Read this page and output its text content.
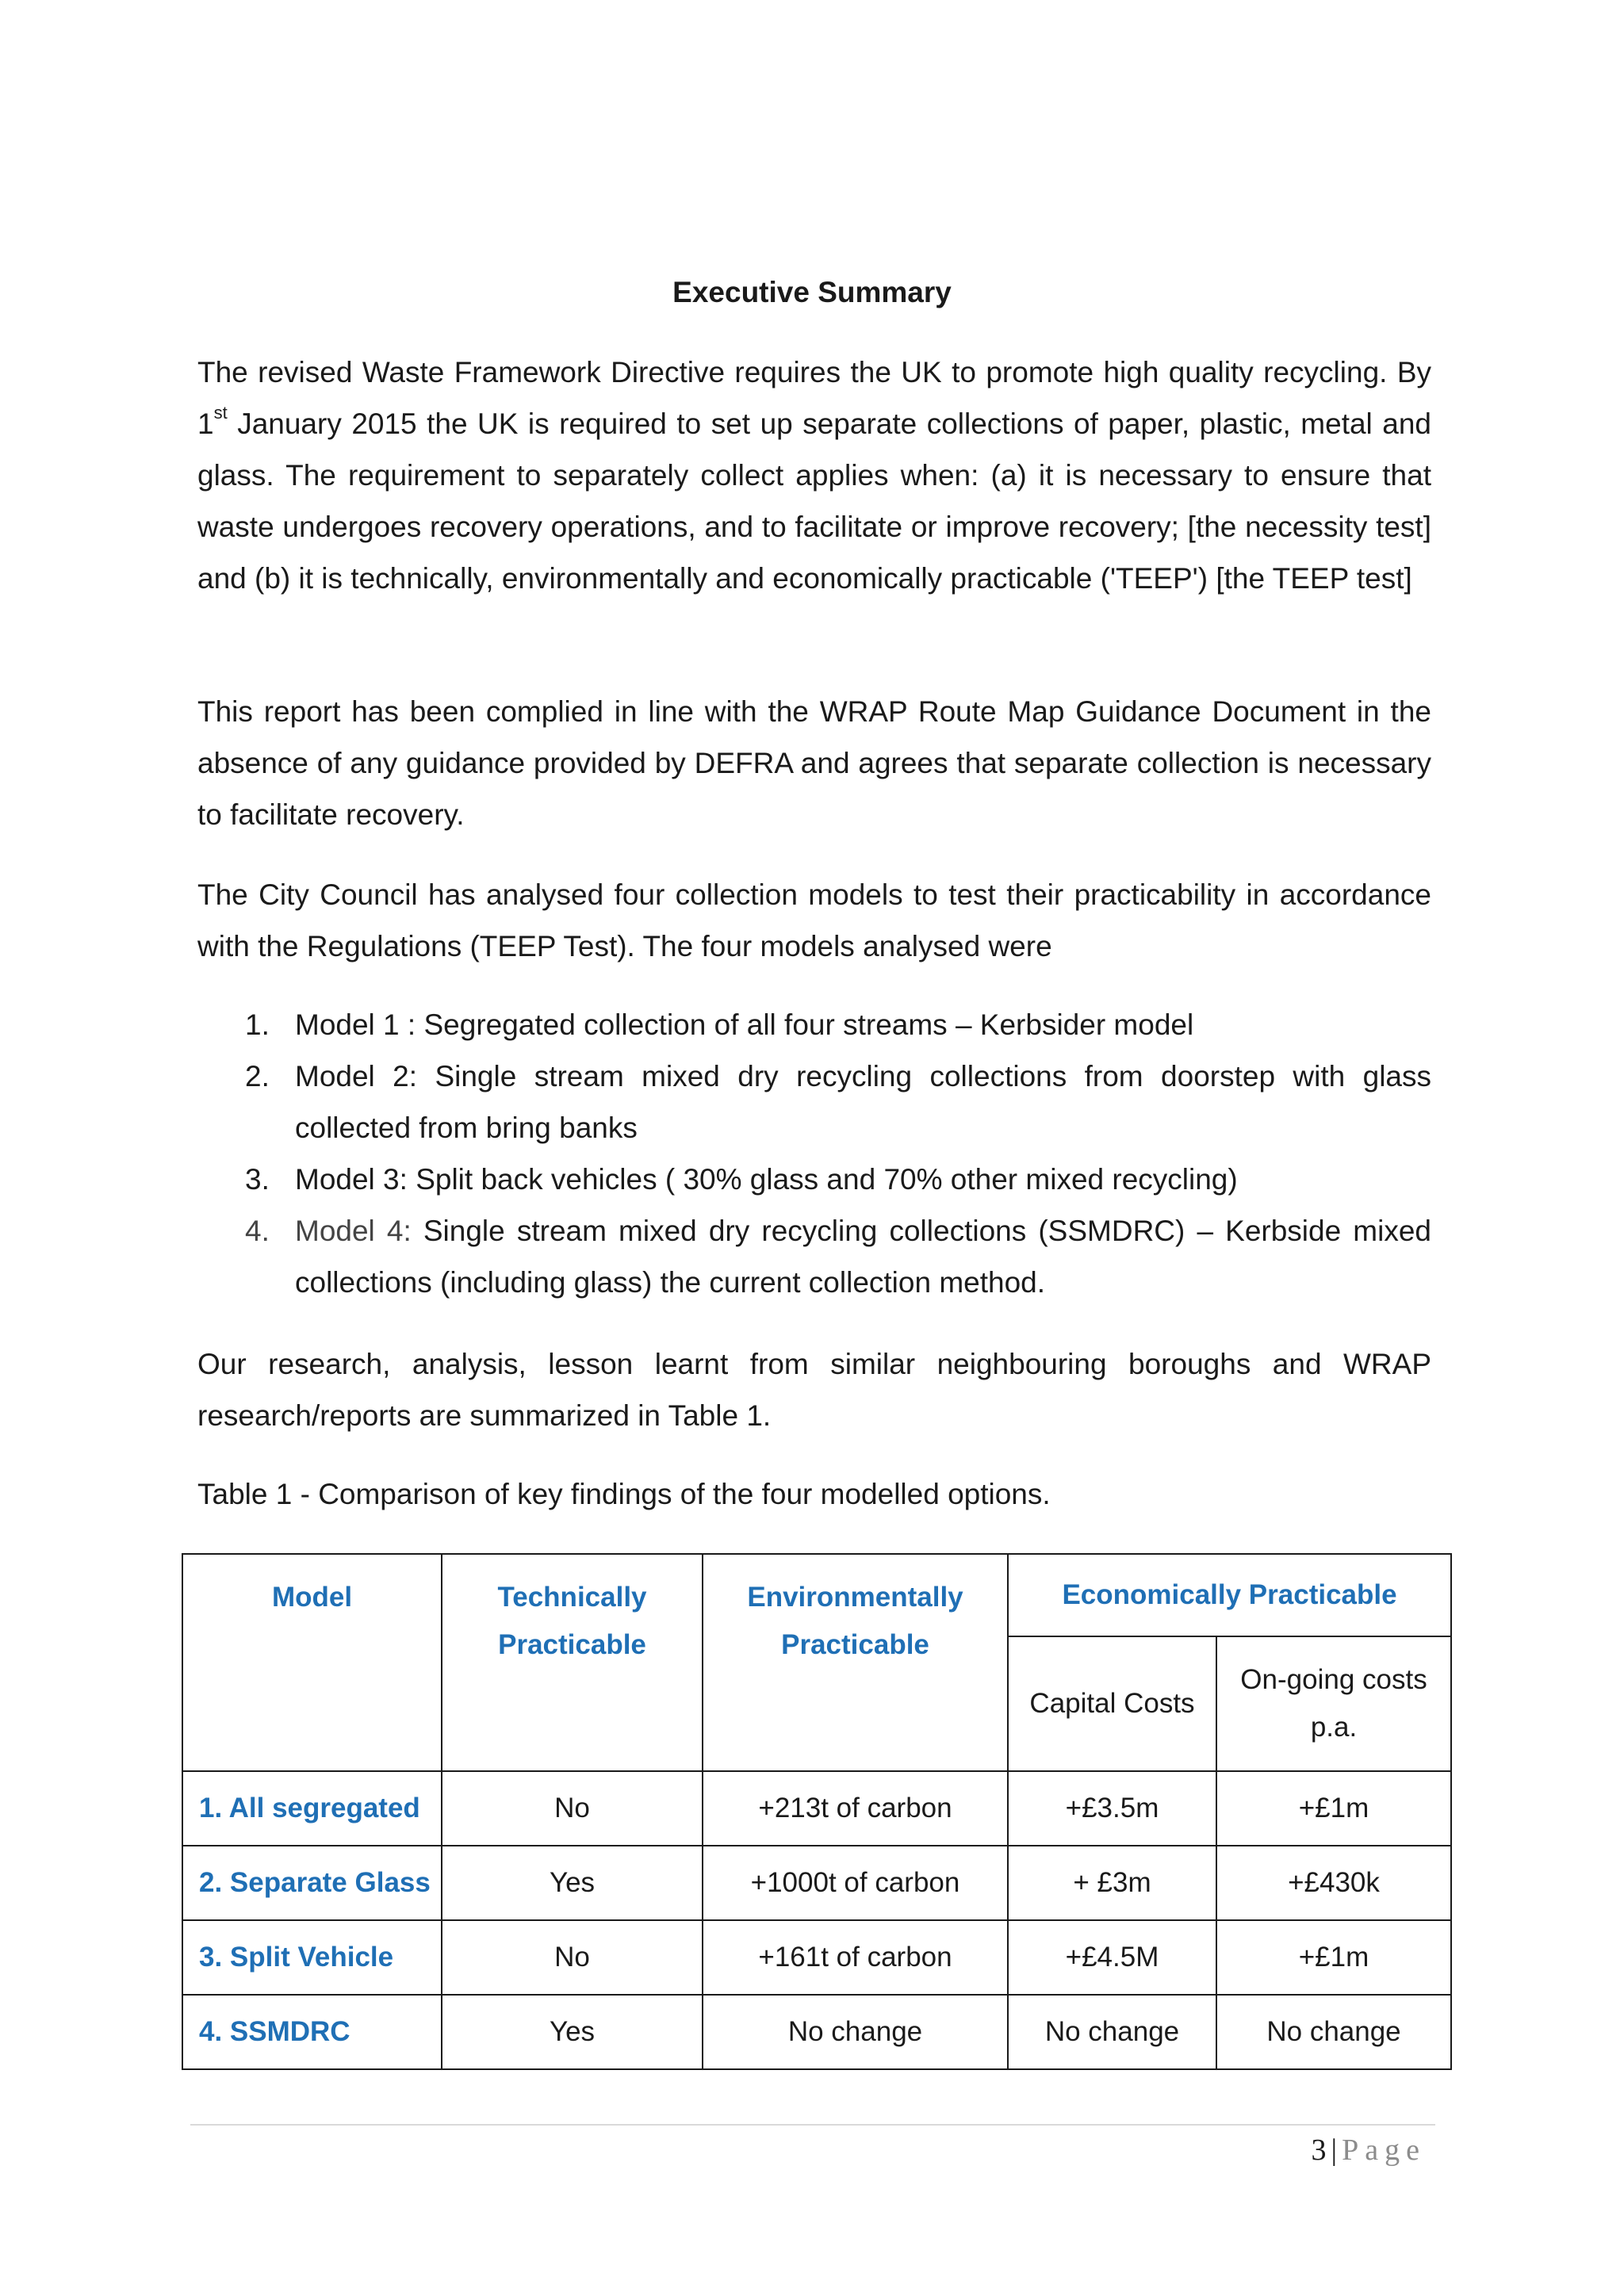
Executive Summary

The revised Waste Framework Directive requires the UK to promote high quality recycling. By 1st January 2015 the UK is required to set up separate collections of paper, plastic, metal and glass. The requirement to separately collect applies when: (a) it is necessary to ensure that waste undergoes recovery operations, and to facilitate or improve recovery; [the necessity test] and (b) it is technically, environmentally and economically practicable ('TEEP') [the TEEP test]

This report has been complied in line with the WRAP Route Map Guidance Document in the absence of any guidance provided by DEFRA and agrees that separate collection is necessary to facilitate recovery.

The City Council has analysed four collection models to test their practicability in accordance with the Regulations (TEEP Test). The four models analysed were

1. Model 1 : Segregated collection of all four streams – Kerbsider model
2. Model 2: Single stream mixed dry recycling collections from doorstep with glass collected from bring banks
3. Model 3: Split back vehicles ( 30% glass and 70% other mixed recycling)
4. Model 4: Single stream mixed dry recycling collections (SSMDRC) – Kerbside mixed collections (including glass) the current collection method.

Our research, analysis, lesson learnt from similar neighbouring boroughs and WRAP research/reports are summarized in Table 1.

Table 1 - Comparison of key findings of the four modelled options.

Model	Technically Practicable	Environmentally Practicable	Economically Practicable	
			Capital Costs	On-going costs p.a.
1. All segregated	No	+213t of carbon	+£3.5m	+£1m
2. Separate Glass	Yes	+1000t of carbon	+ £3m	+£430k
3. Split Vehicle	No	+161t of carbon	+£4.5M	+£1m
4. SSMDRC	Yes	No change	No change	No change
3 | Page
